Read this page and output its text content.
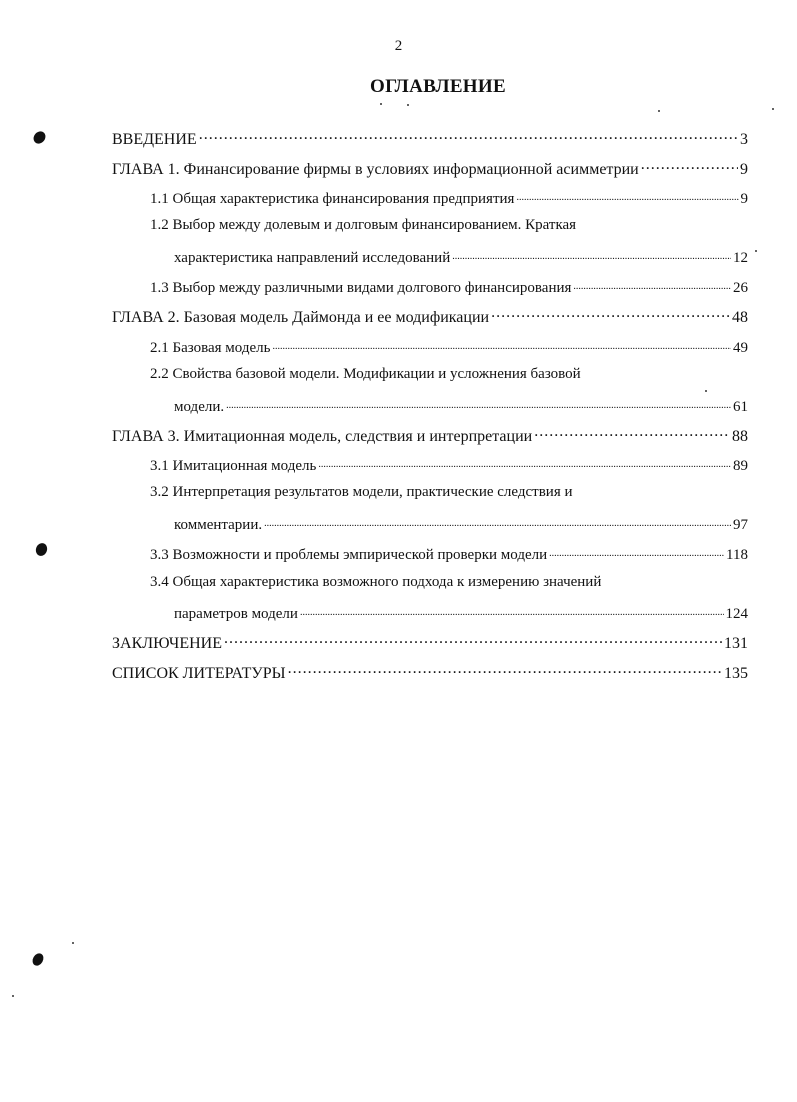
2
ОГЛАВЛЕНИЕ
ВВЕДЕНИЕ .....	3
ГЛАВА 1. Финансирование фирмы в условиях информационной асимметрии .....	9
1.1 Общая характеристика финансирования предприятия .....	9
1.2 Выбор между долевым и долговым финансированием. Краткая
характеристика направлений исследований .....	12
1.3 Выбор между различными видами долгового финансирования .....	26
ГЛАВА 2. Базовая модель Даймонда и ее модификации .....	48
2.1 Базовая модель .....	49
2.2 Свойства базовой модели. Модификации и усложнения базовой
модели. .....	61
ГЛАВА 3. Имитационная модель, следствия и интерпретации .....	88
3.1 Имитационная модель .....	89
3.2 Интерпретация результатов модели, практические следствия и
комментарии. .....	97
3.3 Возможности и проблемы эмпирической проверки модели .....	118
3.4 Общая характеристика возможного подхода к измерению значений
параметров модели .....	124
ЗАКЛЮЧЕНИЕ .....	131
СПИСОК ЛИТЕРАТУРЫ .....	135
